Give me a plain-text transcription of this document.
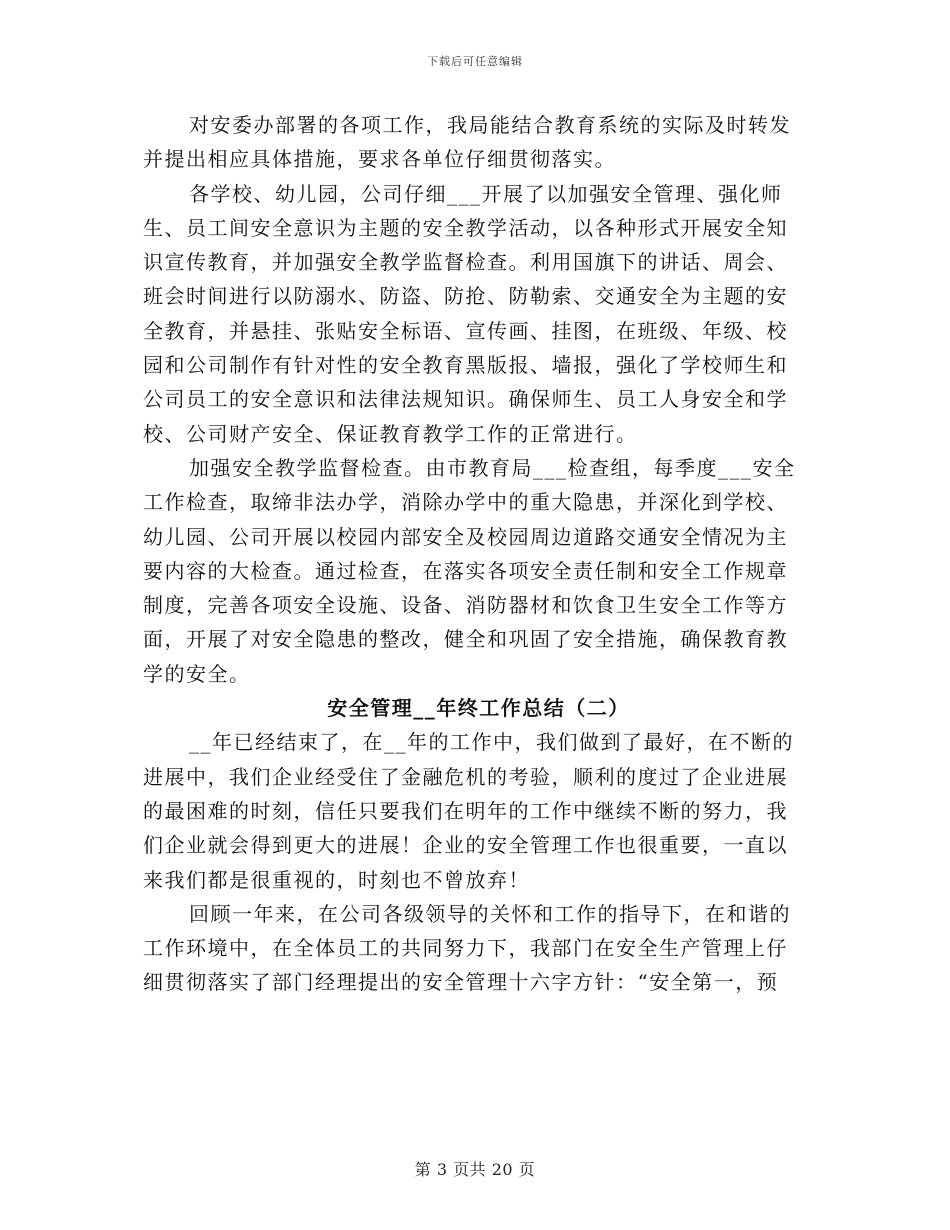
下载后可任意编辑

对安委办部署的各项工作，我局能结合教育系统的实际及时转发并提出相应具体措施，要求各单位仔细贯彻落实。

各学校、幼儿园，公司仔细___开展了以加强安全管理、强化师生、员工间安全意识为主题的安全教学活动，以各种形式开展安全知识宣传教育，并加强安全教学监督检查。利用国旗下的讲话、周会、班会时间进行以防溺水、防盗、防抢、防勒索、交通安全为主题的安全教育，并悬挂、张贴安全标语、宣传画、挂图，在班级、年级、校园和公司制作有针对性的安全教育黑版报、墙报，强化了学校师生和公司员工的安全意识和法律法规知识。确保师生、员工人身安全和学校、公司财产安全、保证教育教学工作的正常进行。

加强安全教学监督检查。由市教育局___检查组，每季度___安全工作检查，取缔非法办学，消除办学中的重大隐患，并深化到学校、幼儿园、公司开展以校园内部安全及校园周边道路交通安全情况为主要内容的大检查。通过检查，在落实各项安全责任制和安全工作规章制度，完善各项安全设施、设备、消防器材和饮食卫生安全工作等方面，开展了对安全隐患的整改，健全和巩固了安全措施，确保教育教学的安全。

安全管理__年终工作总结（二）

__年已经结束了，在__年的工作中，我们做到了最好，在不断的进展中，我们企业经受住了金融危机的考验，顺利的度过了企业进展的最困难的时刻，信任只要我们在明年的工作中继续不断的努力，我们企业就会得到更大的进展！企业的安全管理工作也很重要，一直以来我们都是很重视的，时刻也不曾放弃！

回顾一年来，在公司各级领导的关怀和工作的指导下，在和谐的工作环境中，在全体员工的共同努力下，我部门在安全生产管理上仔细贯彻落实了部门经理提出的安全管理十六字方针：“安全第一，预

第 3 页共 20 页
